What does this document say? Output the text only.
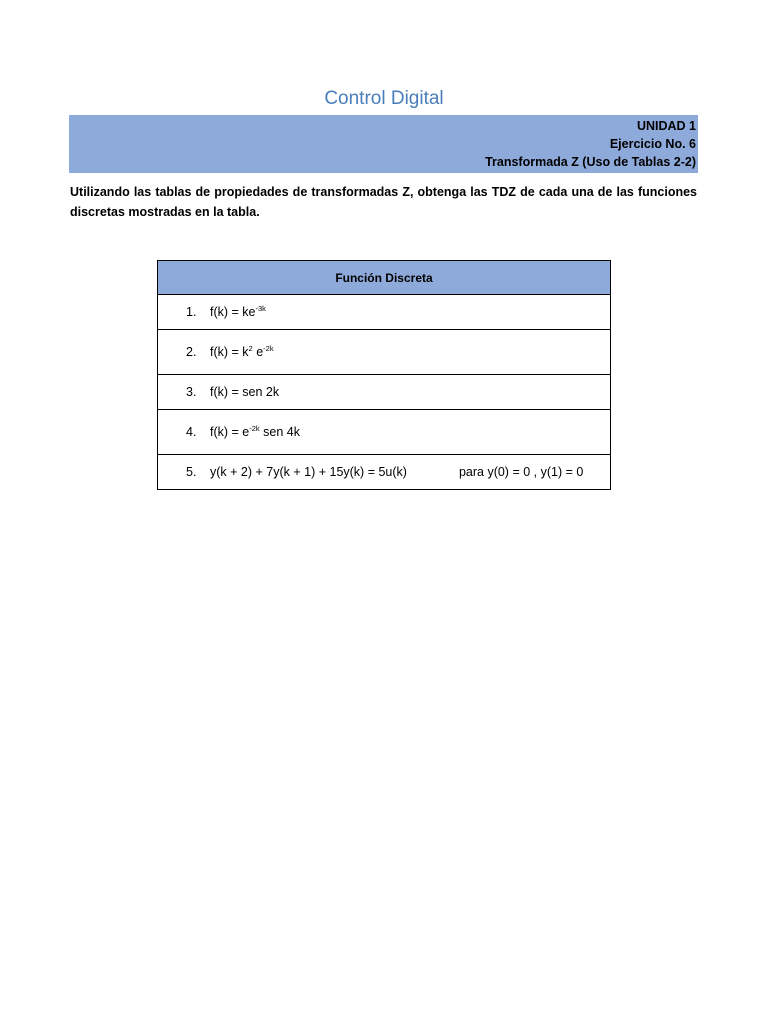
Control Digital
UNIDAD 1
Ejercicio No. 6
Transformada Z (Uso de Tablas 2-2)
Utilizando las tablas de propiedades de transformadas Z, obtenga las TDZ de cada una de las funciones discretas mostradas en la tabla.
Función Discreta
1. $f(k) = ke^{-3k}$
2. $f(k) = k^2$ $e^{-2k}$
3. f(k) = sen 2k
4. $f(k) = e^{-2k}$ sen 4k
5. y(k + 2) + 7y(k + 1) + 15y(k) = 5u(k)	para y(0) = 0 , y(1) = 0
